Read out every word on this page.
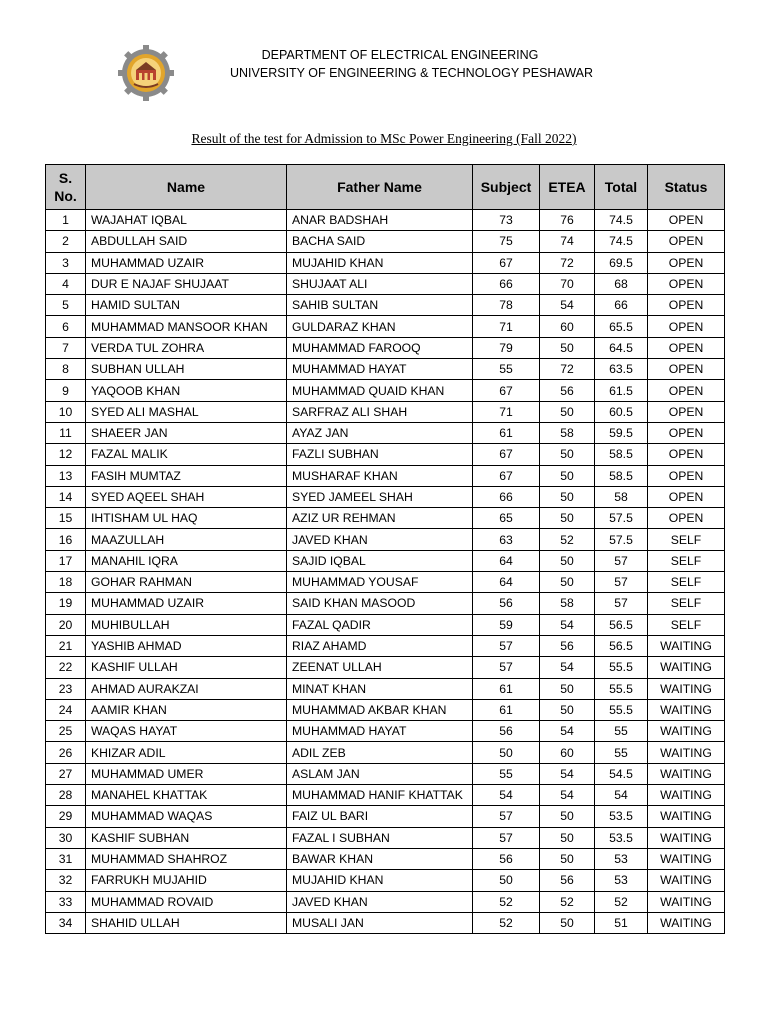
DEPARTMENT OF ELECTRICAL ENGINEERING
UNIVERSITY OF ENGINEERING & TECHNOLOGY PESHAWAR
Result of the test for Admission to MSc Power Engineering (Fall 2022)
S.
No.	Name	Father Name	Subject	ETEA	Total	Status
1	WAJAHAT IQBAL	ANAR BADSHAH	73	76	74.5	OPEN
2	ABDULLAH SAID	BACHA SAID	75	74	74.5	OPEN
3	MUHAMMAD UZAIR	MUJAHID KHAN	67	72	69.5	OPEN
4	DUR E NAJAF SHUJAAT	SHUJAAT ALI	66	70	68	OPEN
5	HAMID SULTAN	SAHIB SULTAN	78	54	66	OPEN
6	MUHAMMAD MANSOOR KHAN	GULDARAZ KHAN	71	60	65.5	OPEN
7	VERDA TUL ZOHRA	MUHAMMAD FAROOQ	79	50	64.5	OPEN
8	SUBHAN ULLAH	MUHAMMAD HAYAT	55	72	63.5	OPEN
9	YAQOOB KHAN	MUHAMMAD QUAID KHAN	67	56	61.5	OPEN
10	SYED ALI MASHAL	SARFRAZ ALI SHAH	71	50	60.5	OPEN
11	SHAEER JAN	AYAZ JAN	61	58	59.5	OPEN
12	FAZAL MALIK	FAZLI SUBHAN	67	50	58.5	OPEN
13	FASIH MUMTAZ	MUSHARAF KHAN	67	50	58.5	OPEN
14	SYED AQEEL SHAH	SYED JAMEEL SHAH	66	50	58	OPEN
15	IHTISHAM UL HAQ	AZIZ UR REHMAN	65	50	57.5	OPEN
16	MAAZULLAH	JAVED KHAN	63	52	57.5	SELF
17	MANAHIL IQRA	SAJID IQBAL	64	50	57	SELF
18	GOHAR RAHMAN	MUHAMMAD YOUSAF	64	50	57	SELF
19	MUHAMMAD UZAIR	SAID KHAN MASOOD	56	58	57	SELF
20	MUHIBULLAH	FAZAL QADIR	59	54	56.5	SELF
21	YASHIB AHMAD	RIAZ AHAMD	57	56	56.5	WAITING
22	KASHIF ULLAH	ZEENAT ULLAH	57	54	55.5	WAITING
23	AHMAD AURAKZAI	MINAT KHAN	61	50	55.5	WAITING
24	AAMIR KHAN	MUHAMMAD AKBAR KHAN	61	50	55.5	WAITING
25	WAQAS HAYAT	MUHAMMAD HAYAT	56	54	55	WAITING
26	KHIZAR ADIL	ADIL ZEB	50	60	55	WAITING
27	MUHAMMAD UMER	ASLAM JAN	55	54	54.5	WAITING
28	MANAHEL KHATTAK	MUHAMMAD HANIF KHATTAK	54	54	54	WAITING
29	MUHAMMAD WAQAS	FAIZ UL BARI	57	50	53.5	WAITING
30	KASHIF SUBHAN	FAZAL I SUBHAN	57	50	53.5	WAITING
31	MUHAMMAD SHAHROZ	BAWAR KHAN	56	50	53	WAITING
32	FARRUKH MUJAHID	MUJAHID KHAN	50	56	53	WAITING
33	MUHAMMAD ROVAID	JAVED KHAN	52	52	52	WAITING
34	SHAHID ULLAH	MUSALI JAN	52	50	51	WAITING
